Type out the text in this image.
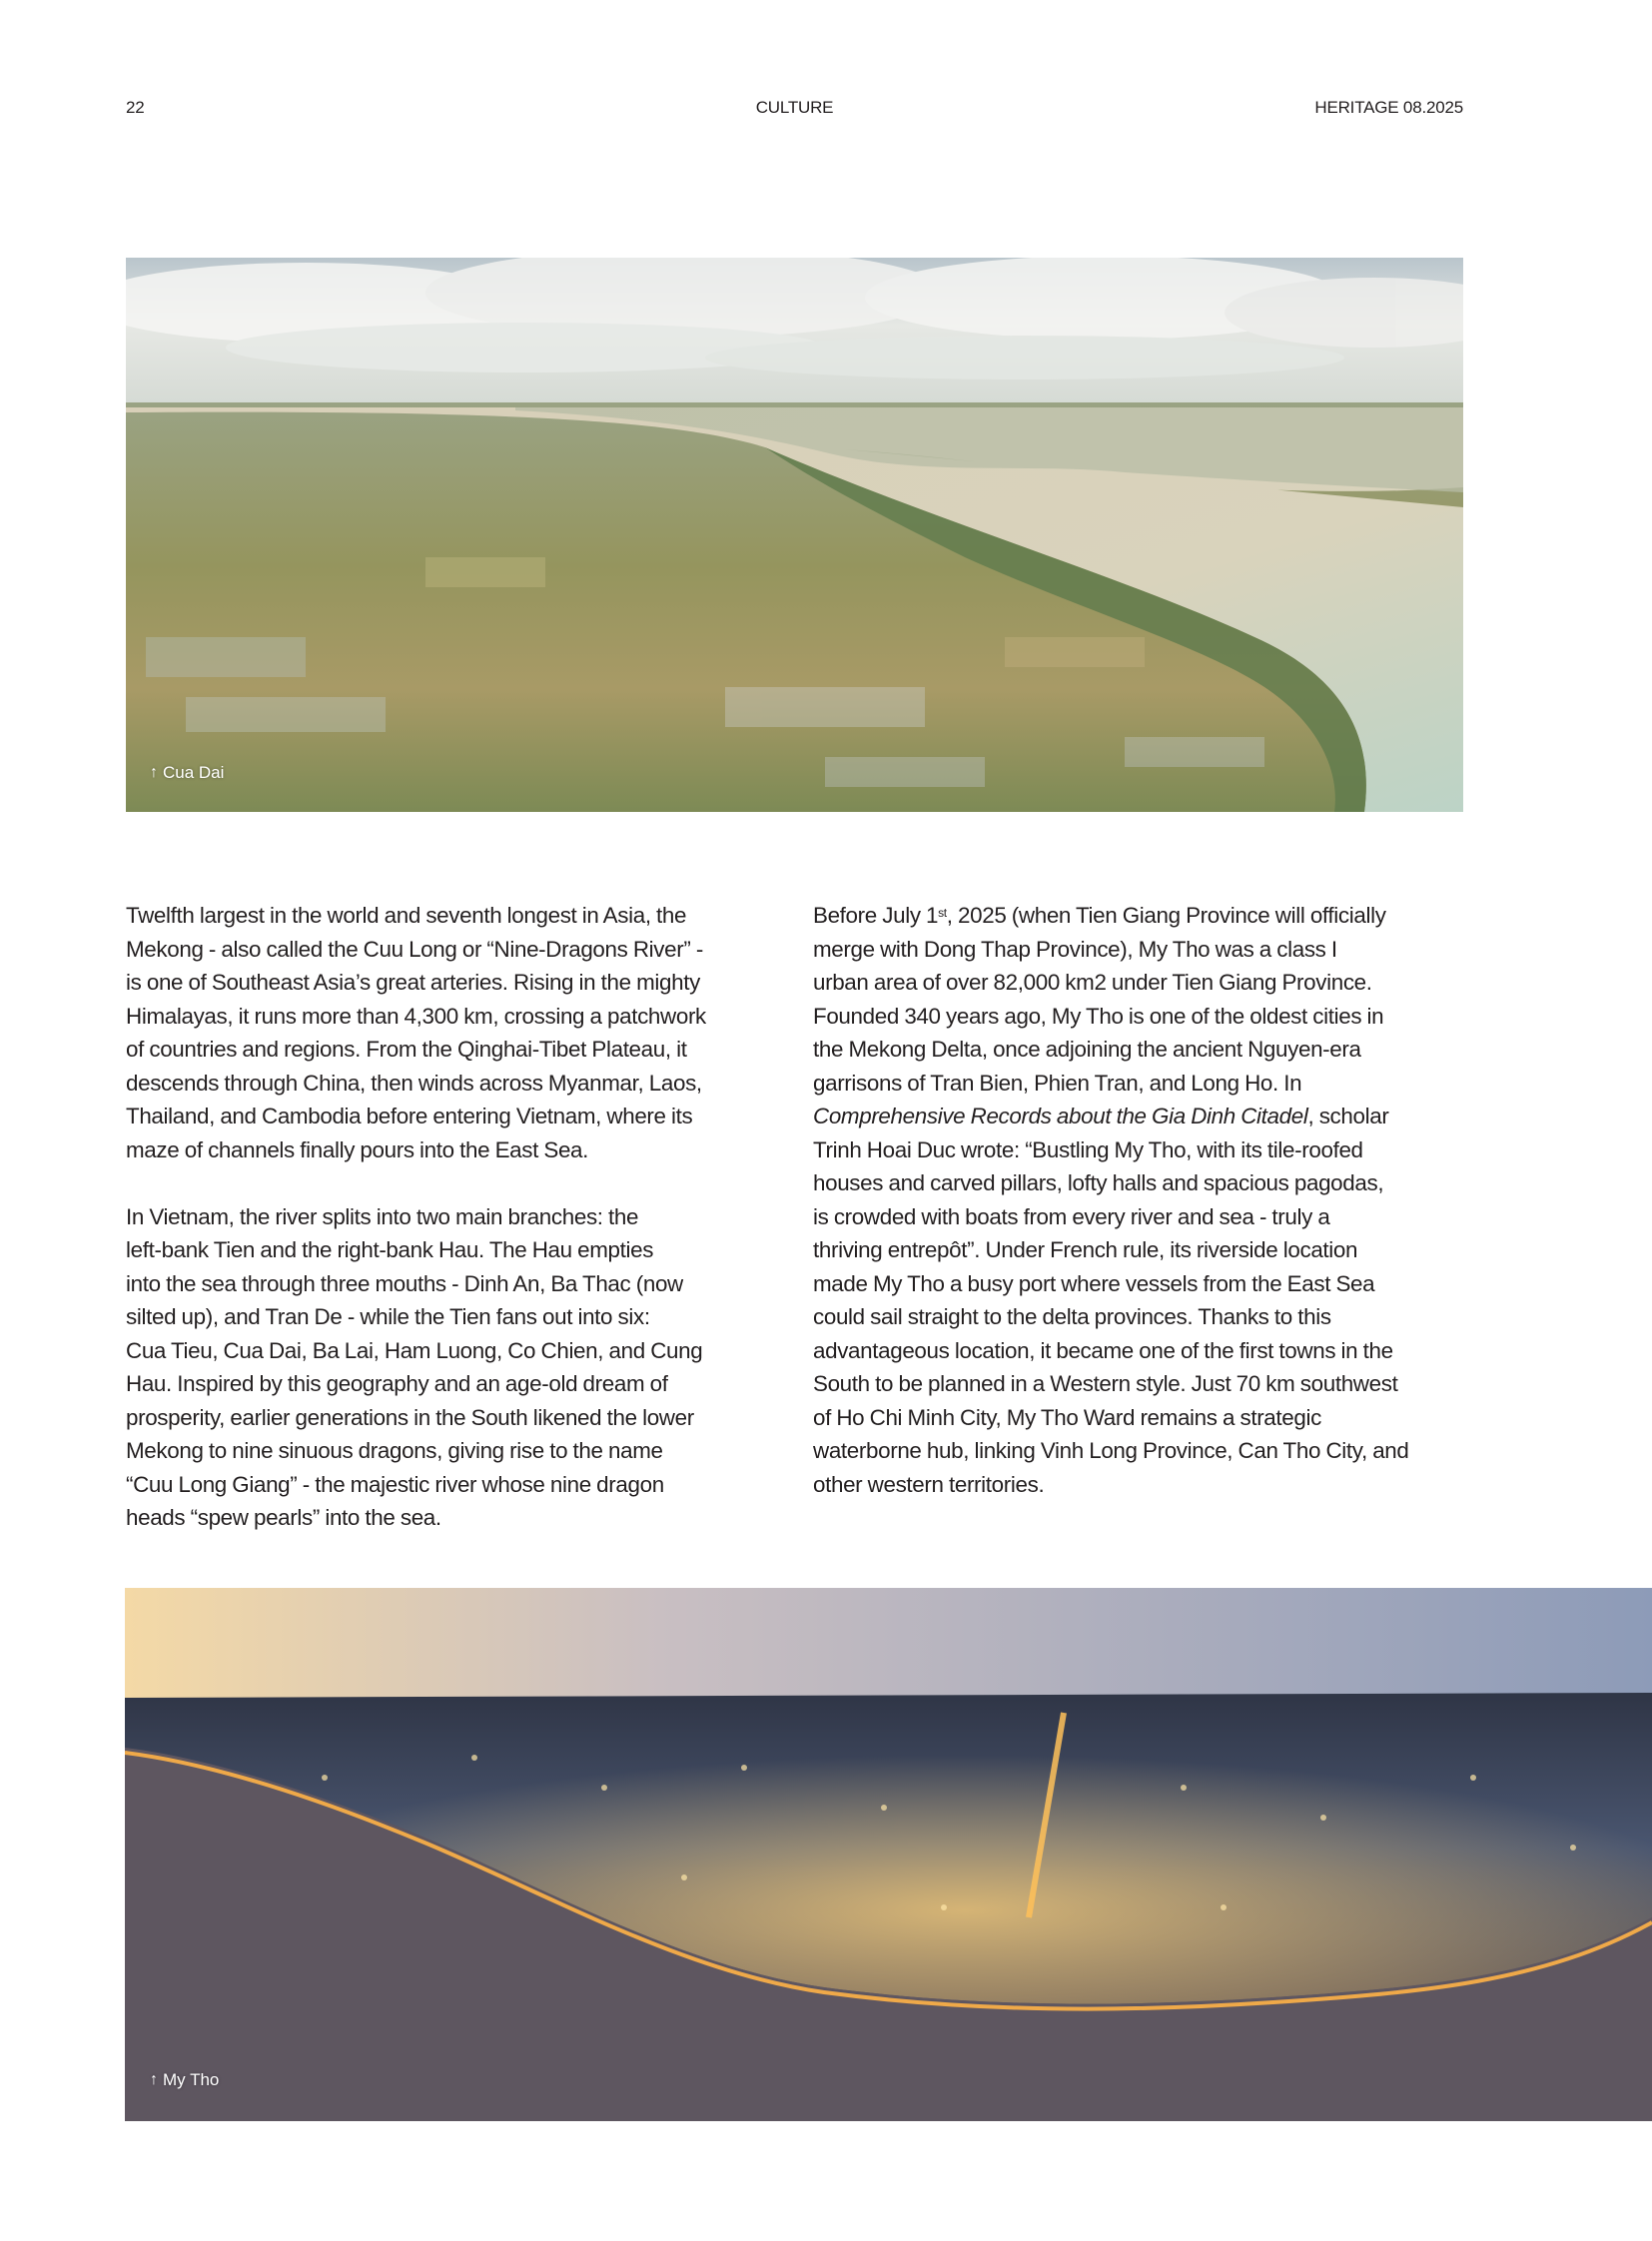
22	CULTURE	HERITAGE 08.2025
↑ Cua Dai

Twelfth largest in the world and seventh longest in Asia, the
Mekong - also called the Cuu Long or “Nine-Dragons River” -
is one of Southeast Asia’s great arteries. Rising in the mighty
Himalayas, it runs more than 4,300 km, crossing a patchwork
of countries and regions. From the Qinghai-Tibet Plateau, it
descends through China, then winds across Myanmar, Laos,
Thailand, and Cambodia before entering Vietnam, where its
maze of channels finally pours into the East Sea.

In Vietnam, the river splits into two main branches: the
left-bank Tien and the right-bank Hau. The Hau empties
into the sea through three mouths - Dinh An, Ba Thac (now
silted up), and Tran De - while the Tien fans out into six:
Cua Tieu, Cua Dai, Ba Lai, Ham Luong, Co Chien, and Cung
Hau. Inspired by this geography and an age-old dream of
prosperity, earlier generations in the South likened the lower
Mekong to nine sinuous dragons, giving rise to the name
“Cuu Long Giang” - the majestic river whose nine dragon
heads “spew pearls” into the sea.

Before July 1st, 2025 (when Tien Giang Province will officially
merge with Dong Thap Province), My Tho was a class I
urban area of over 82,000 km2 under Tien Giang Province.
Founded 340 years ago, My Tho is one of the oldest cities in
the Mekong Delta, once adjoining the ancient Nguyen-era
garrisons of Tran Bien, Phien Tran, and Long Ho. In
Comprehensive Records about the Gia Dinh Citadel, scholar
Trinh Hoai Duc wrote: “Bustling My Tho, with its tile-roofed
houses and carved pillars, lofty halls and spacious pagodas,
is crowded with boats from every river and sea - truly a
thriving entrepôt”. Under French rule, its riverside location
made My Tho a busy port where vessels from the East Sea
could sail straight to the delta provinces. Thanks to this
advantageous location, it became one of the first towns in the
South to be planned in a Western style. Just 70 km southwest
of Ho Chi Minh City, My Tho Ward remains a strategic
waterborne hub, linking Vinh Long Province, Can Tho City, and
other western territories.

↑ My Tho
